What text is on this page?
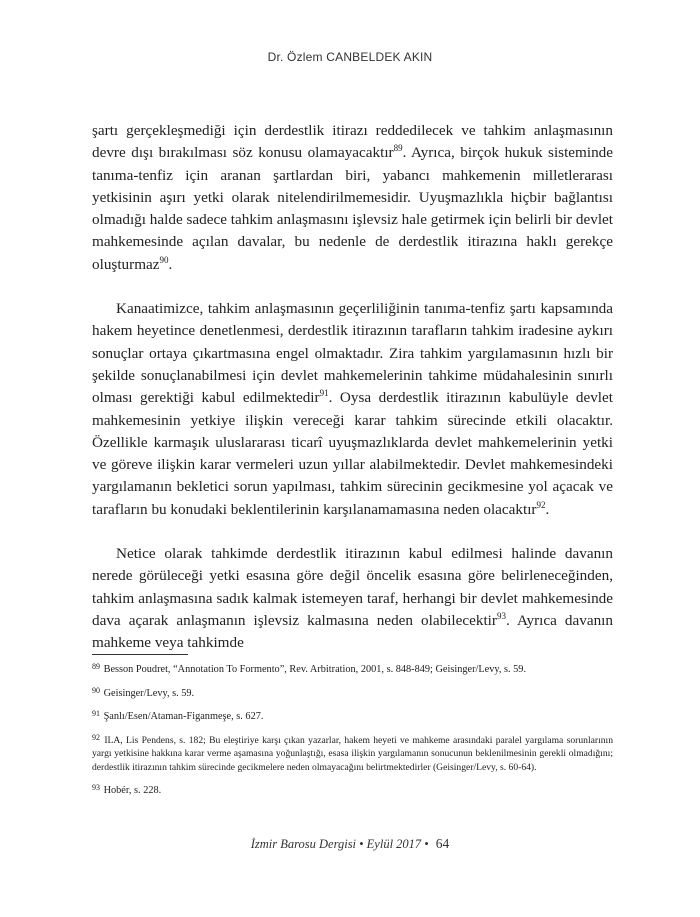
Dr. Özlem CANBELDEK AKIN

şartı gerçekleşmediği için derdestlik itirazı reddedilecek ve tahkim anlaşmasının devre dışı bırakılması söz konusu olamayacaktır$^{89}$. Ayrıca, birçok hukuk sisteminde tanıma-tenfiz için aranan şartlardan biri, yabancı mahkemenin milletlerarası yetkisinin aşırı yetki olarak nitelendirilmemesidir. Uyuşmazlıkla hiçbir bağlantısı olmadığı halde sadece tahkim anlaşmasını işlevsiz hale getirmek için belirli bir devlet mahkemesinde açılan davalar, bu nedenle de derdestlik itirazına haklı gerekçe oluşturmaz$^{90}$.

Kanaatimizce, tahkim anlaşmasının geçerliliğinin tanıma-tenfiz şartı kapsamında hakem heyetince denetlenmesi, derdestlik itirazının tarafların tahkim iradesine aykırı sonuçlar ortaya çıkartmasına engel olmaktadır. Zira tahkim yargılamasının hızlı bir şekilde sonuçlanabilmesi için devlet mahkemelerinin tahkime müdahalesinin sınırlı olması gerektiği kabul edilmektedir$^{91}$. Oysa derdestlik itirazının kabulüyle devlet mahkemesinin yetkiye ilişkin vereceği karar tahkim sürecinde etkili olacaktır. Özellikle karmaşık uluslararası ticarî uyuşmazlıklarda devlet mahkemelerinin yetki ve göreve ilişkin karar vermeleri uzun yıllar alabilmektedir. Devlet mahkemesindeki yargılamanın bekletici sorun yapılması, tahkim sürecinin gecikmesine yol açacak ve tarafların bu konudaki beklentilerinin karşılanamamasına neden olacaktır$^{92}$.

Netice olarak tahkimde derdestlik itirazının kabul edilmesi halinde davanın nerede görüleceği yetki esasına göre değil öncelik esasına göre belirleneceğinden, tahkim anlaşmasına sadık kalmak istemeyen taraf, herhangi bir devlet mahkemesinde dava açarak anlaşmanın işlevsiz kalmasına neden olabilecektir$^{93}$. Ayrıca davanın mahkeme veya tahkimde

$^{89}$ Besson Poudret, “Annotation To Formento”, Rev. Arbitration, 2001, s. 848-849; Geisinger/Levy, s. 59.

$^{90}$ Geisinger/Levy, s. 59.

$^{91}$ Şanlı/Esen/Ataman-Figanmeşe, s. 627.

$^{92}$ ILA, Lis Pendens, s. 182; Bu eleştiriye karşı çıkan yazarlar, hakem heyeti ve mahkeme arasındaki paralel yargılama sorunlarının yargı yetkisine hakkına karar verme aşamasına yoğunlaştığı, esasa ilişkin yargılamanın sonucunun beklenilmesinin gerekli olmadığını; derdestlik itirazının tahkim sürecinde gecikmelere neden olmayacağını belirtmektedirler (Geisinger/Levy, s. 60-64).

$^{93}$ Hobér, s. 228.

İzmir Barosu Dergisi • Eylül 2017 • 64
